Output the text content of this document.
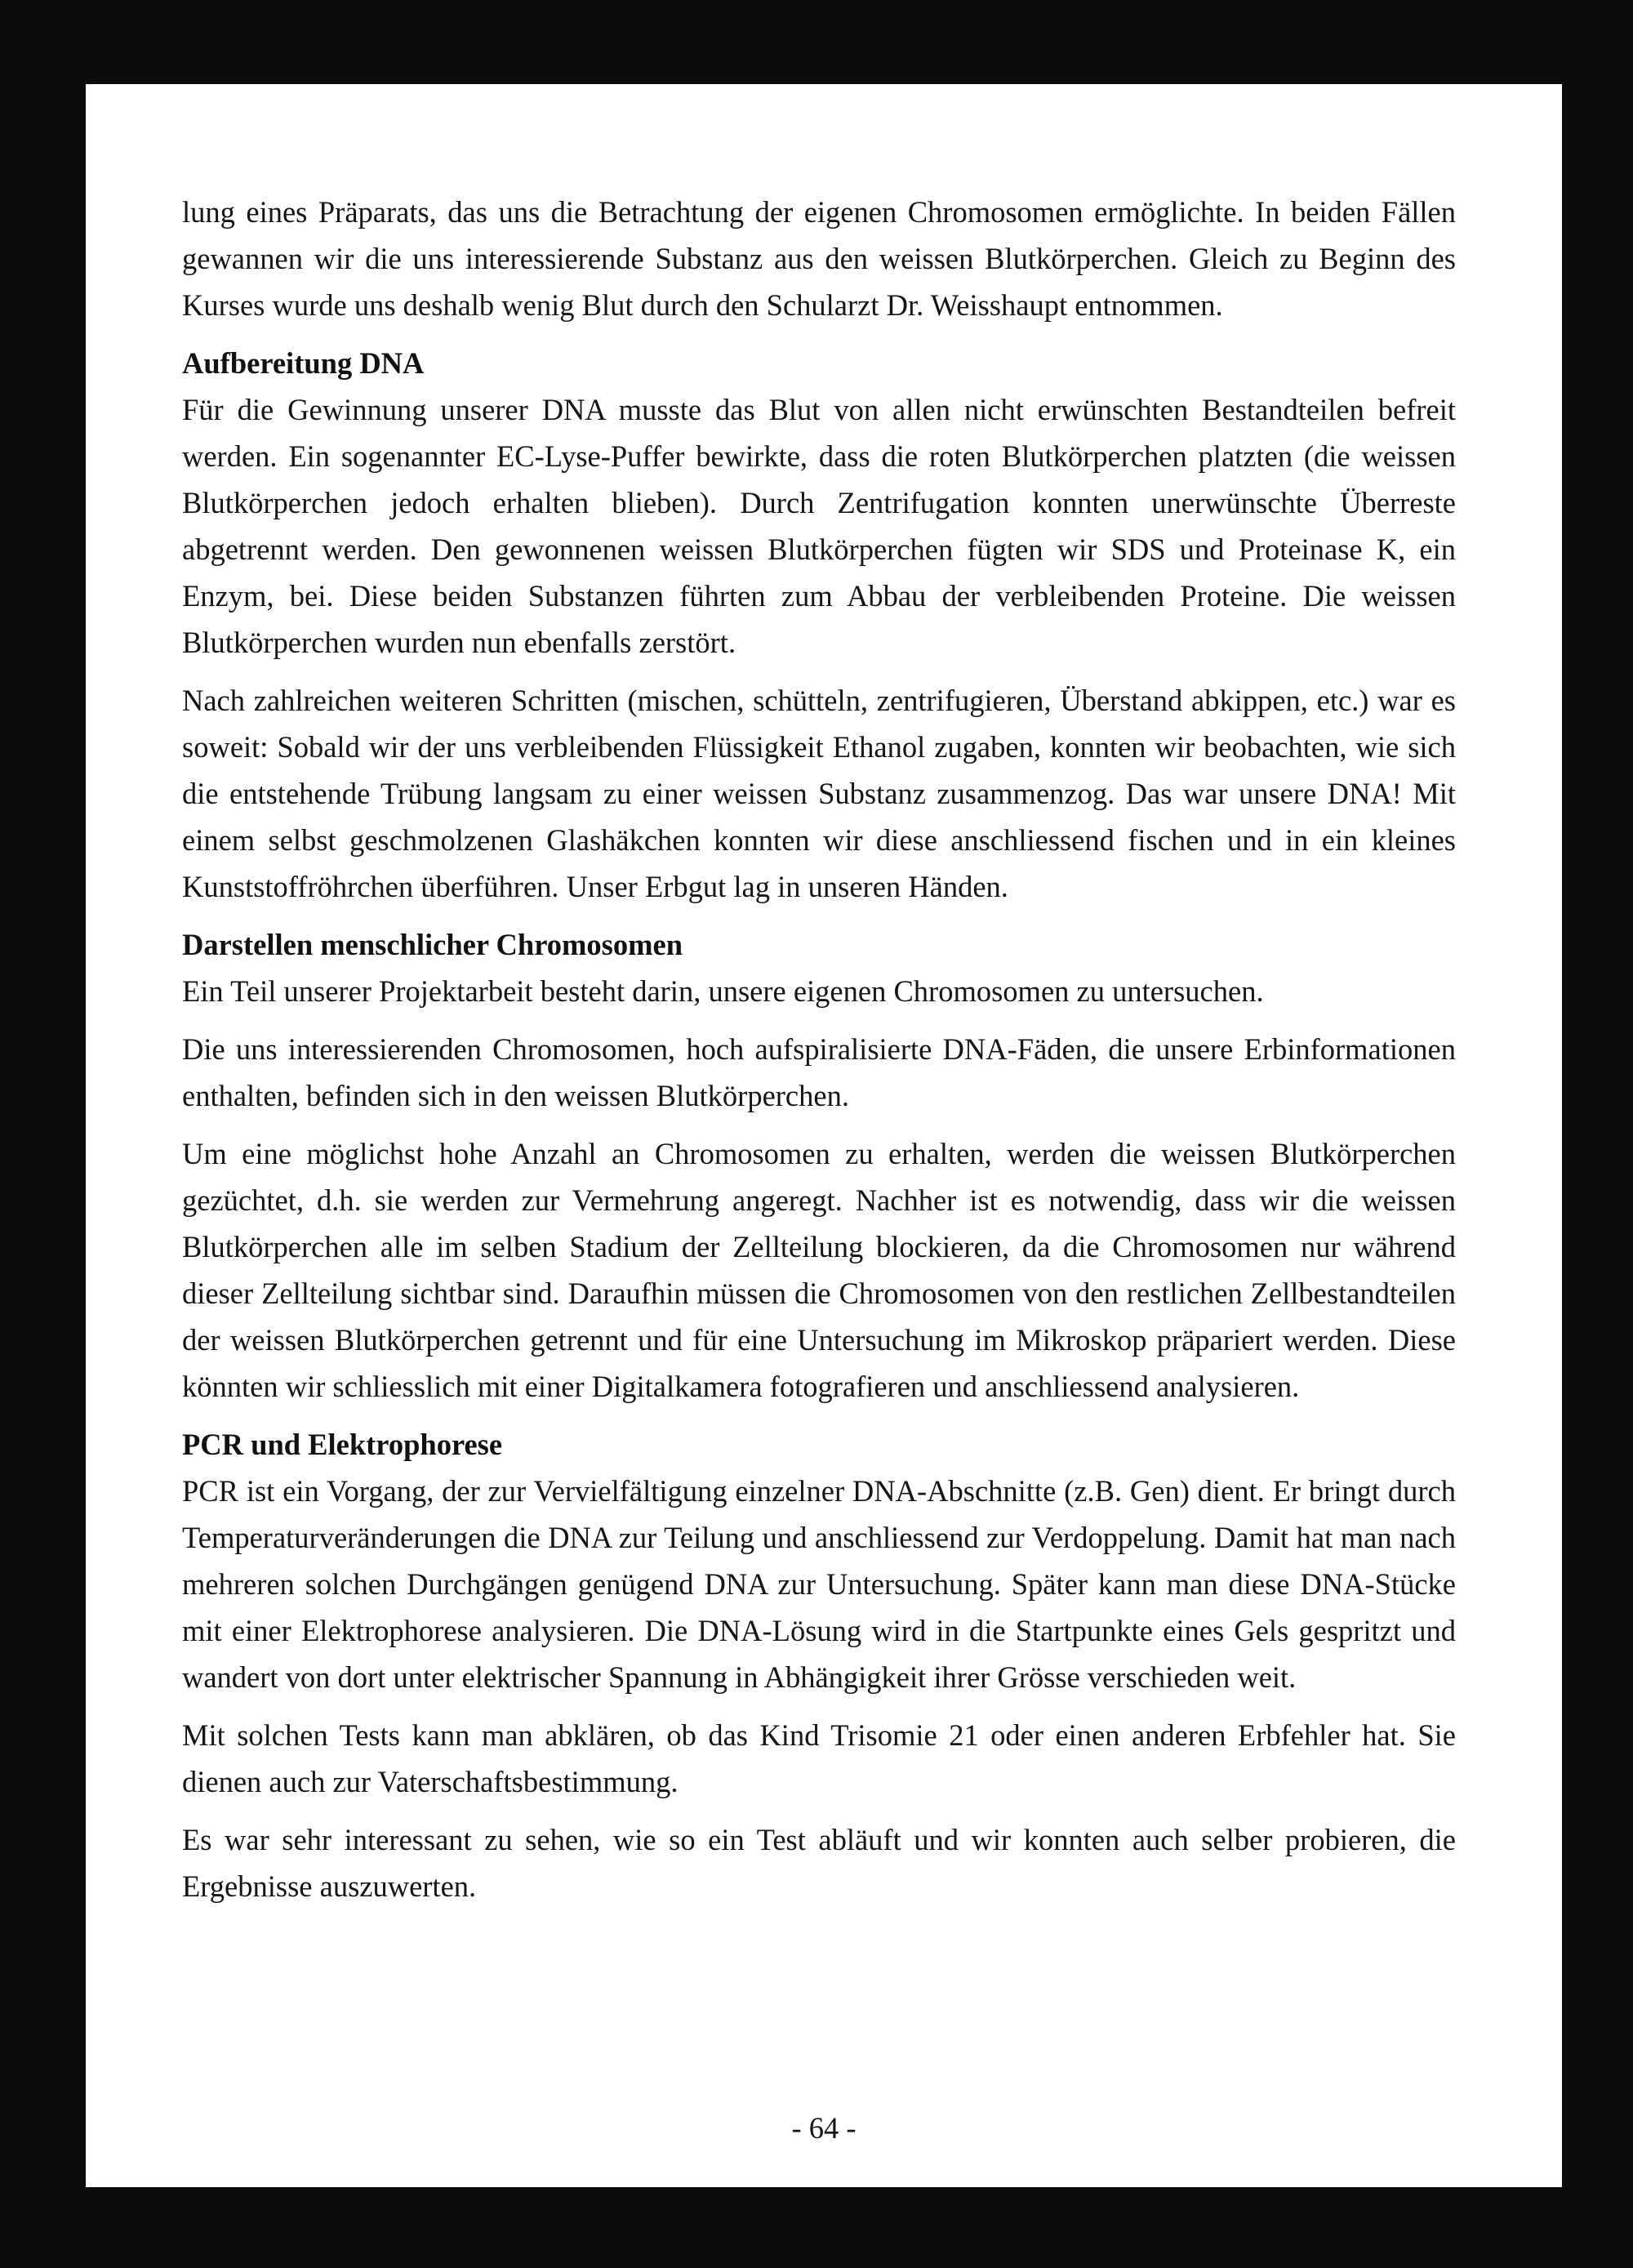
lung eines Präparats, das uns die Betrachtung der eigenen Chromosomen ermöglichte. In beiden Fällen gewannen wir die uns interessierende Substanz aus den weissen Blutkörperchen. Gleich zu Beginn des Kurses wurde uns deshalb wenig Blut durch den Schularzt Dr. Weisshaupt entnommen.

Aufbereitung DNA

Für die Gewinnung unserer DNA musste das Blut von allen nicht erwünschten Bestandteilen befreit werden. Ein sogenannter EC-Lyse-Puffer bewirkte, dass die roten Blutkörperchen platzten (die weissen Blutkörperchen jedoch erhalten blieben). Durch Zentrifugation konnten unerwünschte Überreste abgetrennt werden. Den gewonnenen weissen Blutkörperchen fügten wir SDS und Proteinase K, ein Enzym, bei. Diese beiden Substanzen führten zum Abbau der verbleibenden Proteine. Die weissen Blutkörperchen wurden nun ebenfalls zerstört.

Nach zahlreichen weiteren Schritten (mischen, schütteln, zentrifugieren, Überstand abkippen, etc.) war es soweit: Sobald wir der uns verbleibenden Flüssigkeit Ethanol zugaben, konnten wir beobachten, wie sich die entstehende Trübung langsam zu einer weissen Substanz zusammenzog. Das war unsere DNA! Mit einem selbst geschmolzenen Glashäkchen konnten wir diese anschliessend fischen und in ein kleines Kunststoffröhrchen überführen. Unser Erbgut lag in unseren Händen.

Darstellen menschlicher Chromosomen

Ein Teil unserer Projektarbeit besteht darin, unsere eigenen Chromosomen zu untersuchen.

Die uns interessierenden Chromosomen, hoch aufspiralisierte DNA-Fäden, die unsere Erbinformationen enthalten, befinden sich in den weissen Blutkörperchen.

Um eine möglichst hohe Anzahl an Chromosomen zu erhalten, werden die weissen Blutkörperchen gezüchtet, d.h. sie werden zur Vermehrung angeregt. Nachher ist es notwendig, dass wir die weissen Blutkörperchen alle im selben Stadium der Zellteilung blockieren, da die Chromosomen nur während dieser Zellteilung sichtbar sind. Daraufhin müssen die Chromosomen von den restlichen Zellbestandteilen der weissen Blutkörperchen getrennt und für eine Untersuchung im Mikroskop präpariert werden. Diese könnten wir schliesslich mit einer Digitalkamera fotografieren und anschliessend analysieren.

PCR und Elektrophorese

PCR ist ein Vorgang, der zur Vervielfältigung einzelner DNA-Abschnitte (z.B. Gen) dient. Er bringt durch Temperaturveränderungen die DNA zur Teilung und anschliessend zur Verdoppelung. Damit hat man nach mehreren solchen Durchgängen genügend DNA zur Untersuchung. Später kann man diese DNA-Stücke mit einer Elektrophorese analysieren. Die DNA-Lösung wird in die Startpunkte eines Gels gespritzt und wandert von dort unter elektrischer Spannung in Abhängigkeit ihrer Grösse verschieden weit.

Mit solchen Tests kann man abklären, ob das Kind Trisomie 21 oder einen anderen Erbfehler hat. Sie dienen auch zur Vaterschaftsbestimmung.

Es war sehr interessant zu sehen, wie so ein Test abläuft und wir konnten auch selber probieren, die Ergebnisse auszuwerten.

- 64 -
